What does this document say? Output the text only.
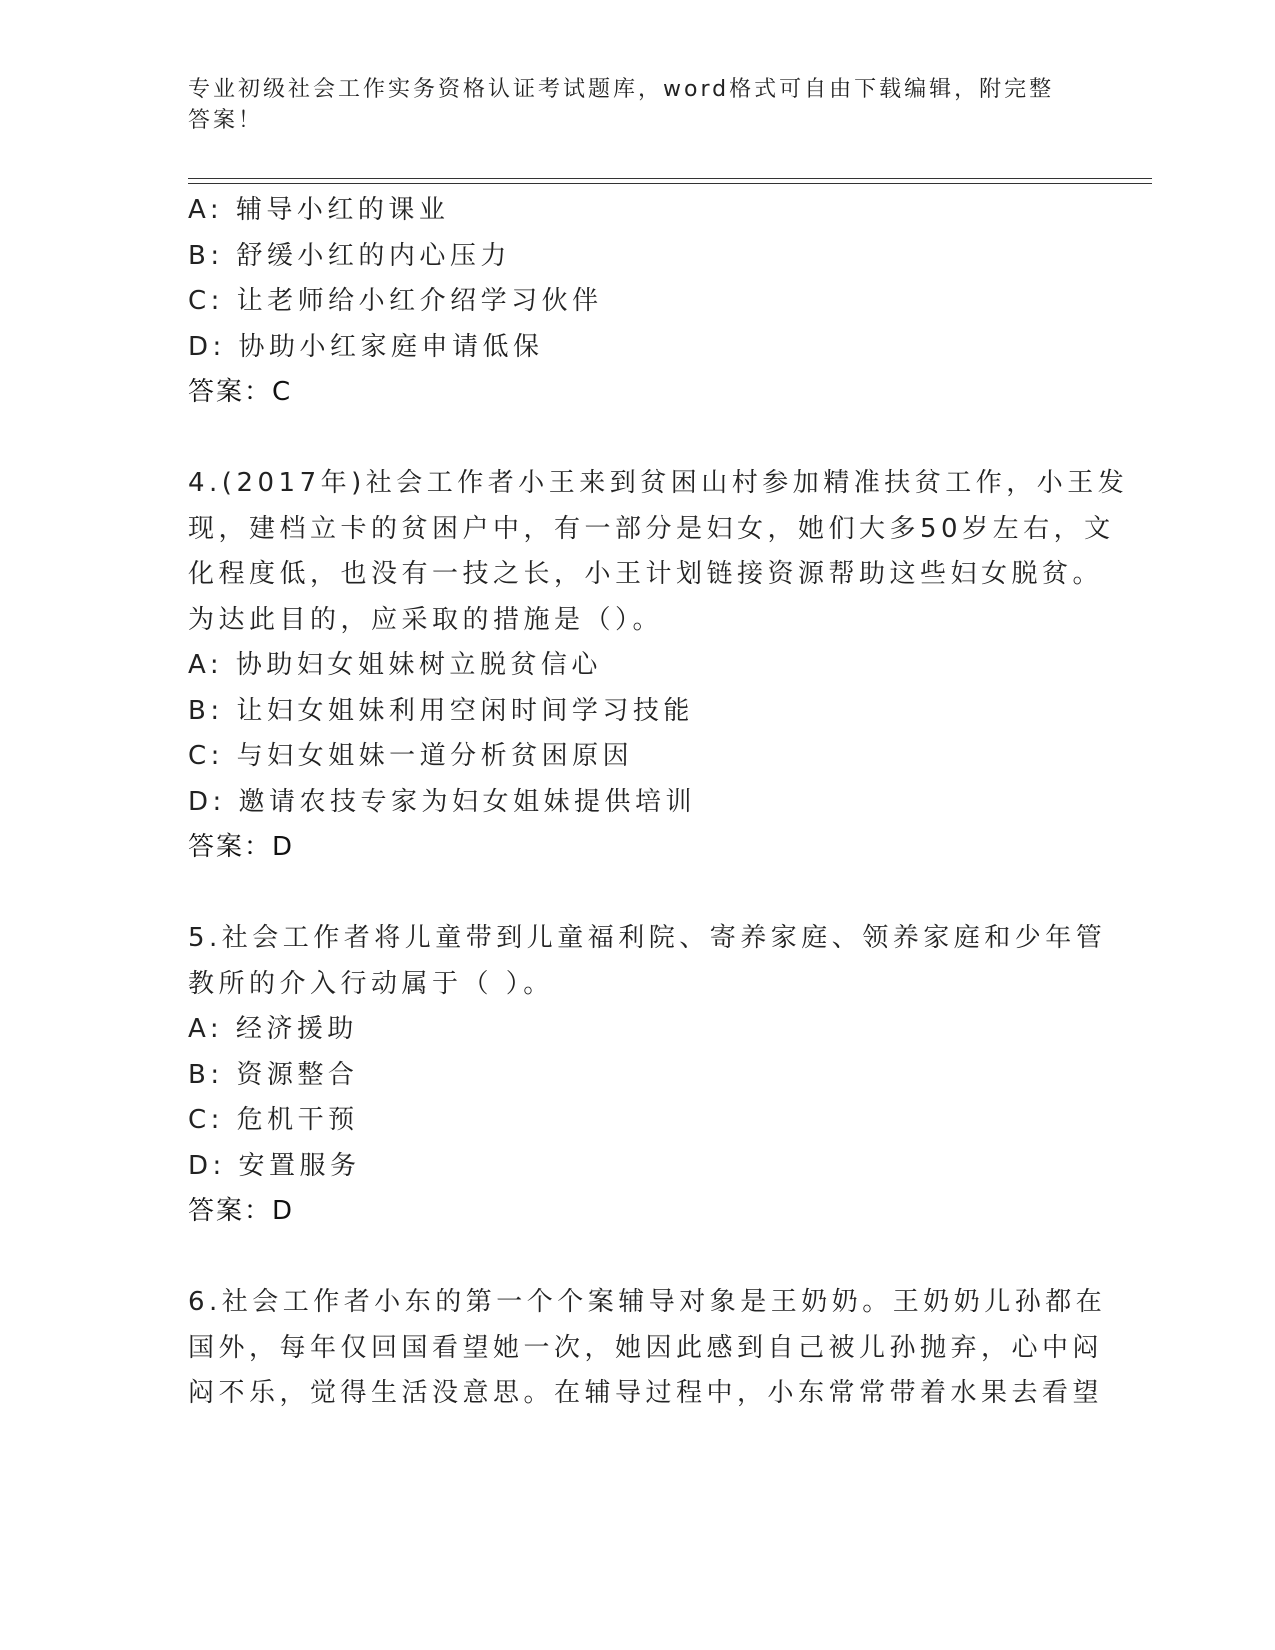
专业初级社会工作实务资格认证考试题库，word格式可自由下载编辑，附完整答案！
A: 辅导小红的课业
B: 舒缓小红的内心压力
C: 让老师给小红介绍学习伙伴
D: 协助小红家庭申请低保
答案：C
4.(2017年)社会工作者小王来到贫困山村参加精准扶贫工作，小王发
现，建档立卡的贫困户中，有一部分是妇女，她们大多50岁左右，文
化程度低，也没有一技之长，小王计划链接资源帮助这些妇女脱贫。
为达此目的，应采取的措施是（）。
A: 协助妇女姐妹树立脱贫信心
B: 让妇女姐妹利用空闲时间学习技能
C: 与妇女姐妹一道分析贫困原因
D: 邀请农技专家为妇女姐妹提供培训
答案：D
5.社会工作者将儿童带到儿童福利院、寄养家庭、领养家庭和少年管
教所的介入行动属于（ ）。
A: 经济援助
B: 资源整合
C: 危机干预
D: 安置服务
答案：D
6.社会工作者小东的第一个个案辅导对象是王奶奶。王奶奶儿孙都在
国外，每年仅回国看望她一次，她因此感到自己被儿孙抛弃，心中闷
闷不乐，觉得生活没意思。在辅导过程中，小东常常带着水果去看望
